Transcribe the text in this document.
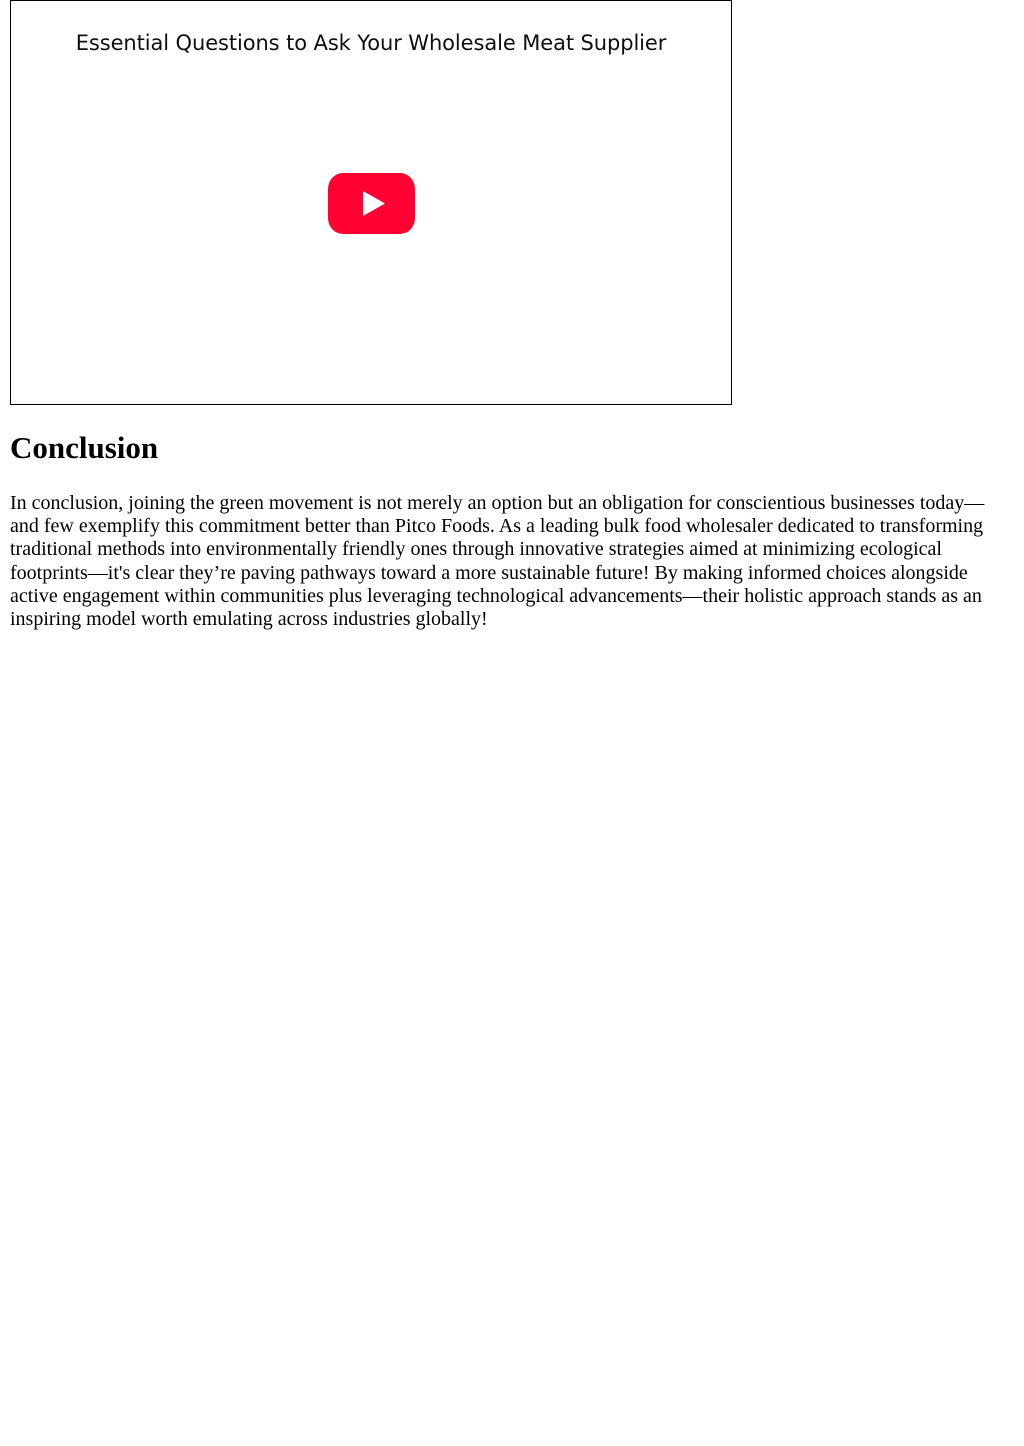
Essential Questions to Ask Your Wholesale Meat Supplier
Conclusion

In conclusion, joining the green movement is not merely an option but an obligation for conscientious businesses today—and few exemplify this commitment better than Pitco Foods. As a leading bulk food wholesaler dedicated to transforming traditional methods into environmentally friendly ones through innovative strategies aimed at minimizing ecological footprints—it's clear they’re paving pathways toward a more sustainable future! By making informed choices alongside active engagement within communities plus leveraging technological advancements—their holistic approach stands as an inspiring model worth emulating across industries globally!
